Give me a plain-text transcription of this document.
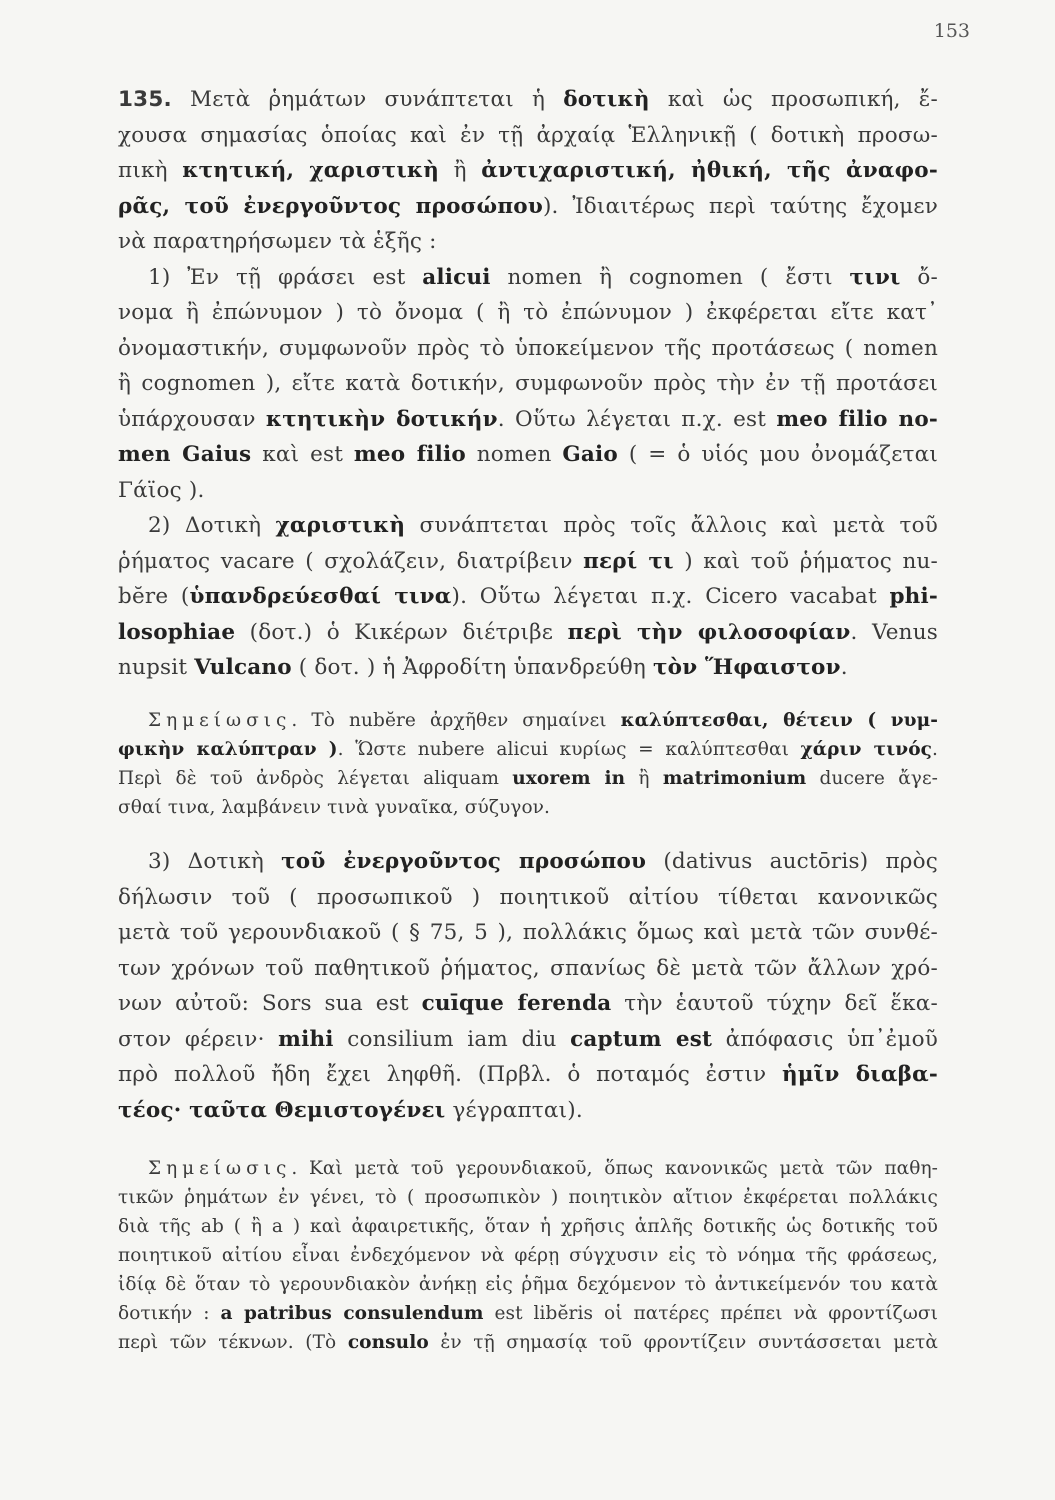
153
135. Μετὰ ῥημάτων συνάπτεται ἡ δοτικὴ καὶ ὡς προσωπική, ἔ-
χουσα σημασίας ὁποίας καὶ ἐν τῇ ἀρχαίᾳ Ἑλληνικῇ ( δοτικὴ προσω-
πικὴ κτητική, χαριστικὴ ἢ ἀντιχαριστική, ἠθική, τῆς ἀναφο-
ρᾶς, τοῦ ἐνεργοῦντος προσώπου). Ἰδιαιτέρως περὶ ταύτης ἔχομεν
νὰ παρατηρήσωμεν τὰ ἑξῆς :
1) Ἐν τῇ φράσει est alicui nomen ἢ cognomen ( ἔστι τινι ὄ-
νομα ἢ ἐπώνυμον ) τὸ ὄνομα ( ἢ τὸ ἐπώνυμον ) ἐκφέρεται εἴτε κατ᾿
ὀνομαστικήν, συμφωνοῦν πρὸς τὸ ὑποκείμενον τῆς προτάσεως ( nomen
ἢ cognomen ), εἴτε κατὰ δοτικήν, συμφωνοῦν πρὸς τὴν ἐν τῇ προτάσει
ὑπάρχουσαν κτητικὴν δοτικήν. Οὕτω λέγεται π.χ. est meo filio no-
men Gaius καὶ est meo filio nomen Gaio ( = ὁ υἱός μου ὀνομάζεται
Γάϊος ).
2) Δοτικὴ χαριστικὴ συνάπτεται πρὸς τοῖς ἄλλοις καὶ μετὰ τοῦ
ῥήματος vacare ( σχολάζειν, διατρίβειν περί τι ) καὶ τοῦ ῥήματος nu-
bĕre (ὑπανδρεύεσθαί τινα). Οὕτω λέγεται π.χ. Cicero vacabat phi-
losophiae (δοτ.) ὁ Κικέρων διέτριβε περὶ τὴν φιλοσοφίαν. Venus
nupsit Vulcano ( δοτ. ) ἡ Ἀφροδίτη ὑπανδρεύθη τὸν Ἥφαιστον.
Σημείωσις. Τὸ nubĕre ἀρχῆθεν σημαίνει καλύπτεσθαι, θέτειν ( νυμ-
φικὴν καλύπτραν ). Ὥστε nubere alicui κυρίως = καλύπτεσθαι χάριν τινός.
Περὶ δὲ τοῦ ἀνδρὸς λέγεται aliquam uxorem in ἢ matrimonium ducere ἄγε-
σθαί τινα, λαμβάνειν τινὰ γυναῖκα, σύζυγον.
3) Δοτικὴ τοῦ ἐνεργοῦντος προσώπου (dativus auctōris) πρὸς
δήλωσιν τοῦ ( προσωπικοῦ ) ποιητικοῦ αἰτίου τίθεται κανονικῶς
μετὰ τοῦ γερουνδιακοῦ ( § 75, 5 ), πολλάκις ὅμως καὶ μετὰ τῶν συνθέ-
των χρόνων τοῦ παθητικοῦ ῥήματος, σπανίως δὲ μετὰ τῶν ἄλλων χρό-
νων αὐτοῦ: Sors sua est cuīque ferenda τὴν ἑαυτοῦ τύχην δεῖ ἕκα-
στον φέρειν· mihi consilium iam diu captum est ἀπόφασις ὑπ᾿ἐμοῦ
πρὸ πολλοῦ ἤδη ἔχει ληφθῆ. (Πρβλ. ὁ ποταμός ἐστιν ἡμῖν διαβα-
τέος· ταῦτα Θεμιστογένει γέγραπται).
Σημείωσις. Καὶ μετὰ τοῦ γερουνδιακοῦ, ὅπως κανονικῶς μετὰ τῶν παθη-
τικῶν ῥημάτων ἐν γένει, τὸ ( προσωπικὸν ) ποιητικὸν αἴτιον ἐκφέρεται πολλάκις
διὰ τῆς ab ( ἢ a ) καὶ ἀφαιρετικῆς, ὅταν ἡ χρῆσις ἁπλῆς δοτικῆς ὡς δοτικῆς τοῦ
ποιητικοῦ αἰτίου εἶναι ἐνδεχόμενον νὰ φέρῃ σύγχυσιν εἰς τὸ νόημα τῆς φράσεως,
ἰδίᾳ δὲ ὅταν τὸ γερουνδιακὸν ἀνήκῃ εἰς ῥῆμα δεχόμενον τὸ ἀντικείμενόν του κατὰ
δοτικήν : a patribus consulendum est libĕris οἱ πατέρες πρέπει νὰ φροντίζωσι
περὶ τῶν τέκνων. (Τὸ consulo ἐν τῇ σημασίᾳ τοῦ φροντίζειν συντάσσεται μετὰ
